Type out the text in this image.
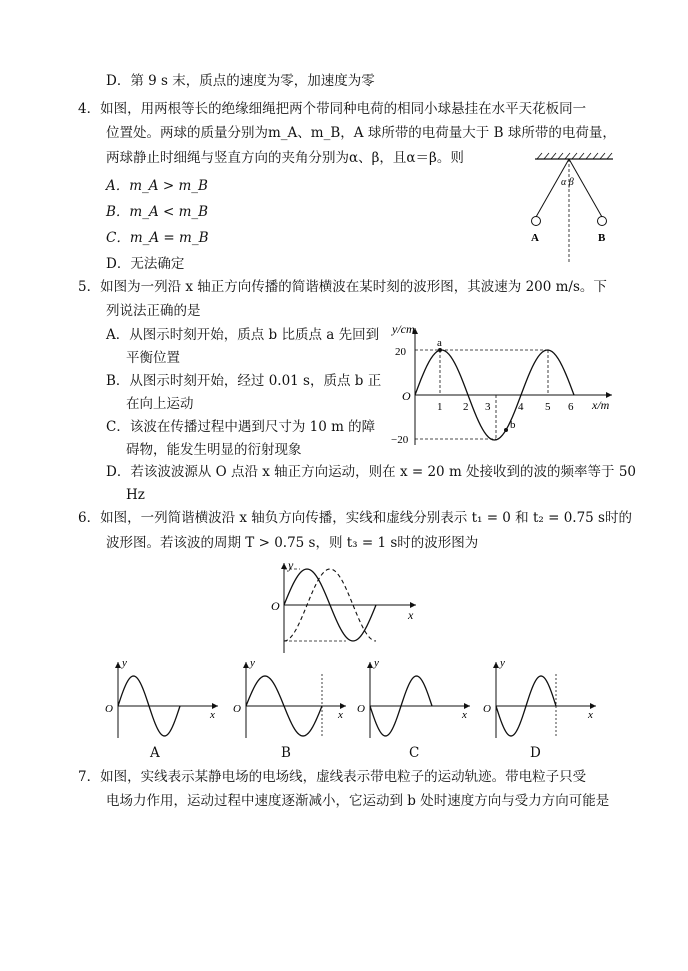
D．第 9 s 末，质点的速度为零，加速度为零
4．如图，用两根等长的绝缘细绳把两个带同种电荷的相同小球悬挂在水平天花板同一
位置处。两球的质量分别为m_A、m_B，A 球所带的电荷量大于 B 球所带的电荷量，
两球静止时细绳与竖直方向的夹角分别为α、β，且α＝β。则
A．m_A > m_B
B．m_A < m_B
C．m_A = m_B
D．无法确定
α β
A	B
5．如图为一列沿 x 轴正方向传播的简谐横波在某时刻的波形图，其波速为 200 m/s。下
列说法正确的是
A．从图示时刻开始，质点 b 比质点 a 先回到
平衡位置
B．从图示时刻开始，经过 0.01 s，质点 b 正
在向上运动
C．该波在传播过程中遇到尺寸为 10 m 的障
碍物，能发生明显的衍射现象
D．若该波波源从 O 点沿 x 轴正方向运动，则在 x = 20 m 处接收到的波的频率等于 50
Hz
y/cm
x/m
O
20
−20
1 2 3	4 5 6
a
b
6．如图，一列简谐横波沿 x 轴负方向传播，实线和虚线分别表示 t₁ = 0 和 t₂ = 0.75 s时的
波形图。若该波的周期 T > 0.75 s，则 t₃ = 1 s时的波形图为
y
O
x
y
O	x
y
O	x
y
O	x
y
O	x
A	B	C	D
7．如图，实线表示某静电场的电场线，虚线表示带电粒子的运动轨迹。带电粒子只受
电场力作用，运动过程中速度逐渐减小，它运动到 b 处时速度方向与受力方向可能是
